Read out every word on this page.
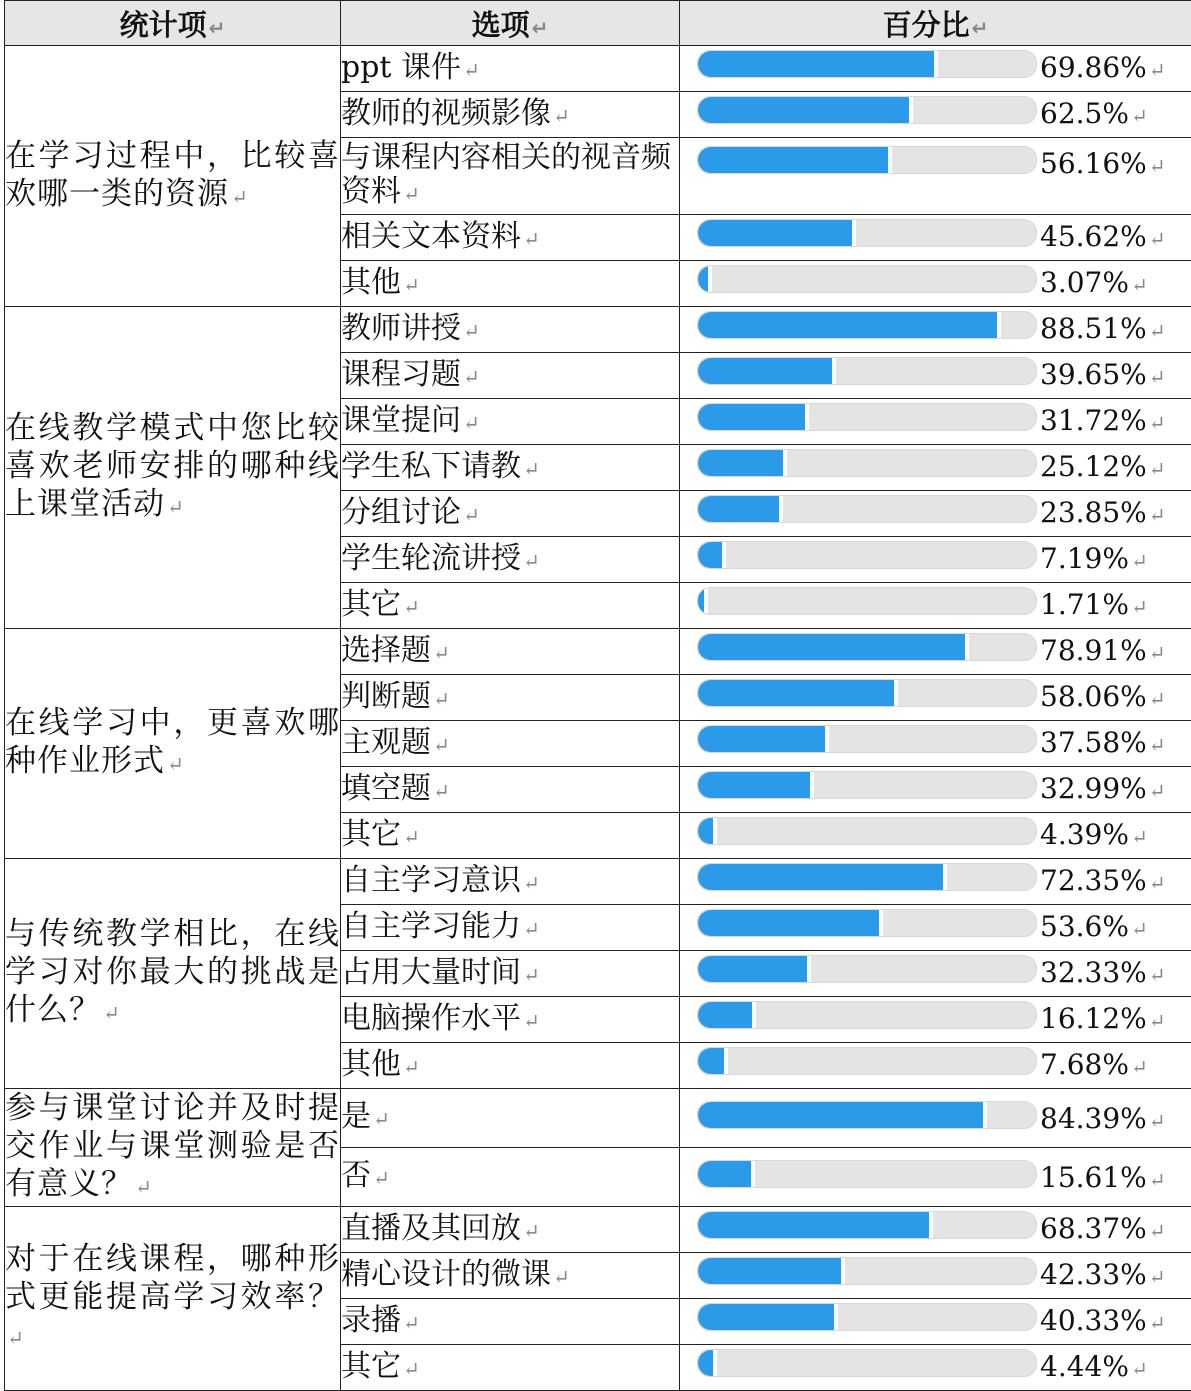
统计项 ↵	选项 ↵	百分比 ↵
在学习过程中，比较喜欢哪一类的资源 ↵	ppt 课件 ↵	69.86% ↵

	教师的视频影像 ↵	62.5% ↵

	与课程内容相关的视音频资料 ↵	56.16% ↵

	相关文本资料 ↵	45.62% ↵

	其他 ↵	3.07% ↵

在线教学模式中您比较喜欢老师安排的哪种线上课堂活动 ↵	教师讲授 ↵	88.51% ↵

	课程习题 ↵	39.65% ↵

	课堂提问 ↵	31.72% ↵

	学生私下请教 ↵	25.12% ↵

	分组讨论 ↵	23.85% ↵

	学生轮流讲授 ↵	7.19% ↵

	其它 ↵	1.71% ↵

在线学习中，更喜欢哪种作业形式 ↵	选择题 ↵	78.91% ↵

	判断题 ↵	58.06% ↵

	主观题 ↵	37.58% ↵

	填空题 ↵	32.99% ↵

	其它 ↵	4.39% ↵

与传统教学相比，在线学习对你最大的挑战是什么？ ↵	自主学习意识 ↵	72.35% ↵

	自主学习能力 ↵	53.6% ↵

	占用大量时间 ↵	32.33% ↵

	电脑操作水平 ↵	16.12% ↵

	其他 ↵	7.68% ↵

参与课堂讨论并及时提交作业与课堂测验是否有意义？ ↵	是 ↵	84.39% ↵

	否 ↵	15.61% ↵

对于在线课程，哪种形式更能提高学习效率？↵	直播及其回放 ↵	68.37% ↵

	精心设计的微课 ↵	42.33% ↵

	录播 ↵	40.33% ↵

	其它 ↵	4.44% ↵
